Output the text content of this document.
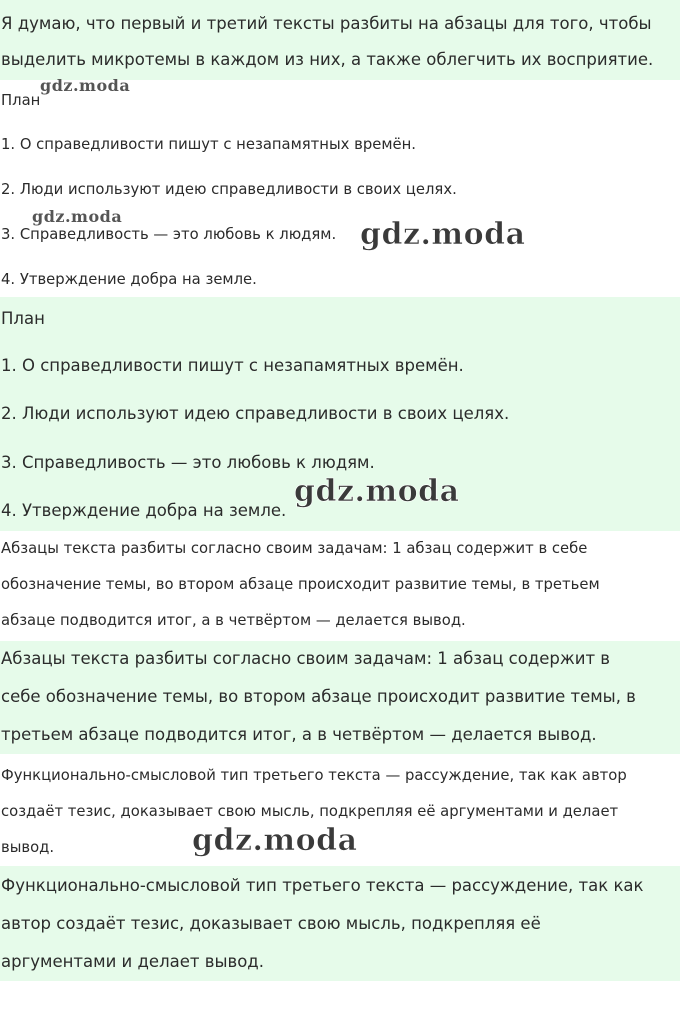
Я думаю, что первый и третий тексты разбиты на абзацы для того, чтобы
выделить микротемы в каждом из них, а также облегчить их восприятие.
План
1. О справедливости пишут с незапамятных времён.
2. Люди используют идею справедливости в своих целях.
3. Справедливость — это любовь к людям.
4. Утверждение добра на земле.
План
1. О справедливости пишут с незапамятных времён.
2. Люди используют идею справедливости в своих целях.
3. Справедливость — это любовь к людям.
4. Утверждение добра на земле.
Абзацы текста разбиты согласно своим задачам: 1 абзац содержит в себе
обозначение темы, во втором абзаце происходит развитие темы, в третьем
абзаце подводится итог, а в четвёртом — делается вывод.
Абзацы текста разбиты согласно своим задачам: 1 абзац содержит в
себе обозначение темы, во втором абзаце происходит развитие темы, в
третьем абзаце подводится итог, а в четвёртом — делается вывод.
Функционально-смысловой тип третьего текста — рассуждение, так как автор
создаёт тезис, доказывает свою мысль, подкрепляя её аргументами и делает
вывод.
Функционально-смысловой тип третьего текста — рассуждение, так как
автор создаёт тезис, доказывает свою мысль, подкрепляя её
аргументами и делает вывод.
gdz.moda
gdz.moda
gdz.moda
gdz.moda
gdz.moda
